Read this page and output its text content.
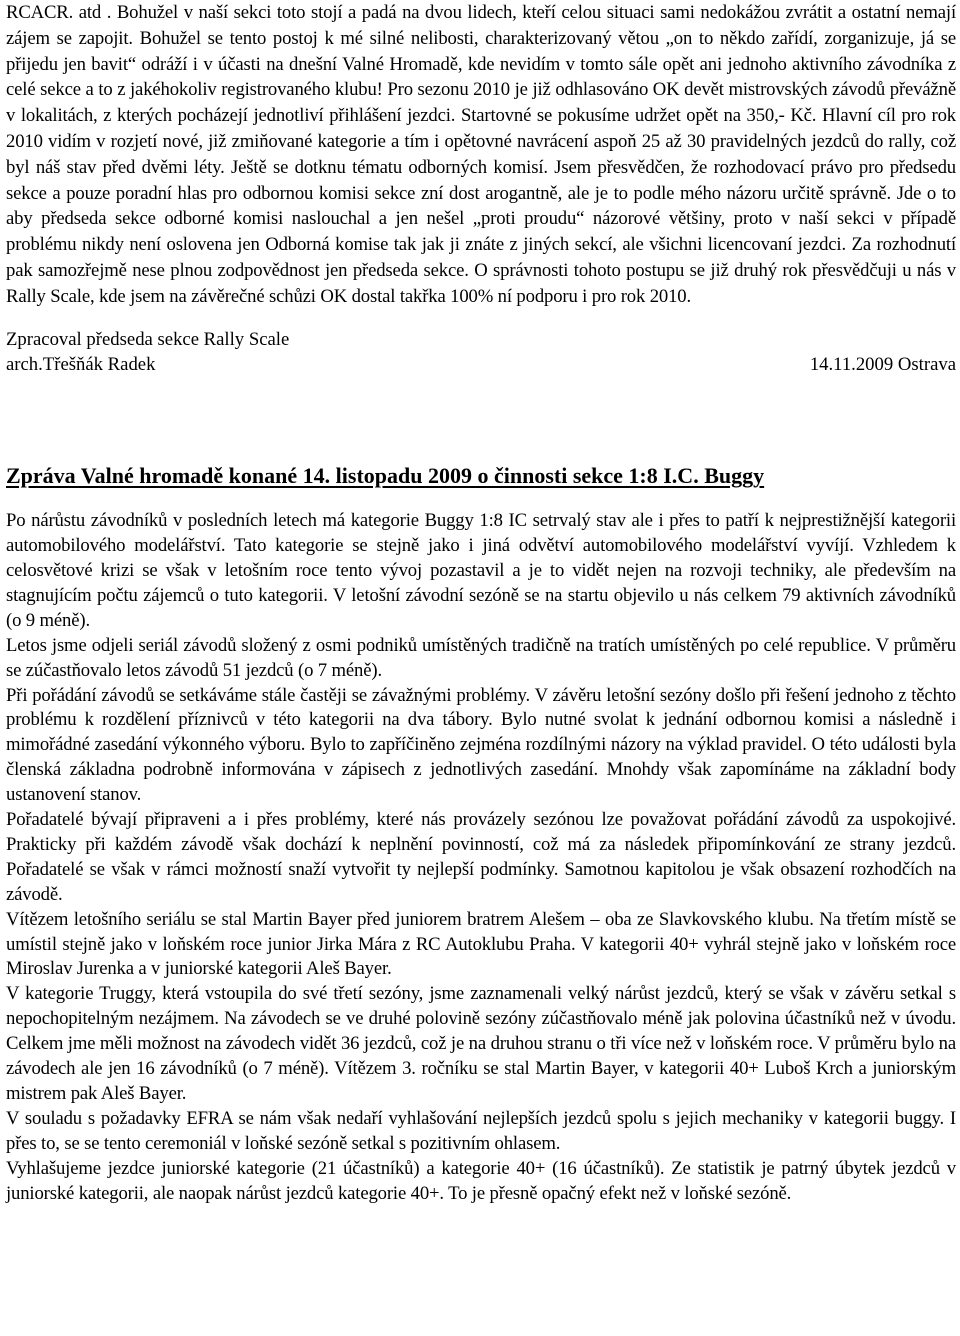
RCACR. atd . Bohužel v naší sekci toto stojí a padá na dvou lidech, kteří celou situaci sami nedokážou zvrátit a ostatní nemají zájem se zapojit. Bohužel se tento postoj k mé silné nelibosti, charakterizovaný větou „on to někdo zařídí, zorganizuje, já se přijedu jen bavit“ odráží i v účasti na dnešní Valné Hromadě, kde nevidím v tomto sále opět ani jednoho aktivního závodníka z celé sekce a to z jakéhokoliv registrovaného klubu! Pro sezonu 2010 je již odhlasováno OK devět mistrovských závodů převážně v lokalitách, z kterých pocházejí jednotliví přihlášení jezdci. Startovné se pokusíme udržet opět na 350,- Kč. Hlavní cíl pro rok 2010 vidím v rozjetí nové, již zmiňované kategorie a tím i opětovné navrácení aspoň 25 až 30 pravidelných jezdců do rally, což byl náš stav před dvěmi léty. Ještě se dotknu tématu odborných komisí. Jsem přesvědčen, že rozhodovací právo pro předsedu sekce a pouze poradní hlas pro odbornou komisi sekce zní dost arogantně, ale je to podle mého názoru určitě správně. Jde o to aby předseda sekce odborné komisi naslouchal a jen nešel „proti proudu“ názorové většiny, proto v naší sekci v případě problému nikdy není oslovena jen Odborná komise tak jak ji znáte z jiných sekcí, ale všichni licencovaní jezdci. Za rozhodnutí pak samozřejmě nese plnou zodpovědnost jen předseda sekce. O správnosti tohoto postupu se již druhý rok přesvědčuji u nás v Rally Scale, kde jsem na závěrečné schůzi OK dostal takřka 100% ní podporu i pro rok 2010.

Zpracoval předseda sekce Rally Scale
arch.Třešňák Radek	14.11.2009 Ostrava
Zpráva Valné hromadě konané 14. listopadu 2009 o činnosti sekce 1:8 I.C. Buggy

Po nárůstu závodníků v posledních letech má kategorie Buggy 1:8 IC setrvalý stav ale i přes to patří k nejprestižnější kategorii automobilového modelářství. Tato kategorie se stejně jako i jiná odvětví automobilového modelářství vyvíjí. Vzhledem k celosvětové krizi se však v letošním roce tento vývoj pozastavil a je to vidět nejen na rozvoji techniky, ale především na stagnujícím počtu zájemců o tuto kategorii. V letošní závodní sezóně se na startu objevilo u nás celkem 79 aktivních závodníků (o 9 méně).

Letos jsme odjeli seriál závodů složený z osmi podniků umístěných tradičně na tratích umístěných po celé republice. V průměru se zúčastňovalo letos závodů 51 jezdců (o 7 méně).

Při pořádání závodů se setkáváme stále častěji se závažnými problémy. V závěru letošní sezóny došlo při řešení jednoho z těchto problému k rozdělení příznivců v této kategorii na dva tábory. Bylo nutné svolat k jednání odbornou komisi a následně i mimořádné zasedání výkonného výboru. Bylo to zapříčiněno zejména rozdílnými názory na výklad pravidel. O této události byla členská základna podrobně informována v zápisech z jednotlivých zasedání. Mnohdy však zapomínáme na základní body ustanovení stanov.

Pořadatelé bývají připraveni a i přes problémy, které nás provázely sezónou lze považovat pořádání závodů za uspokojivé. Prakticky při každém závodě však dochází k neplnění povinností, což má za následek připomínkování ze strany jezdců. Pořadatelé se však v rámci možností snaží vytvořit ty nejlepší podmínky. Samotnou kapitolou je však obsazení rozhodčích na závodě.

Vítězem letošního seriálu se stal Martin Bayer před juniorem bratrem Alešem – oba ze Slavkovského klubu. Na třetím místě se umístil stejně jako v loňském roce junior Jirka Mára z RC Autoklubu Praha. V kategorii 40+ vyhrál stejně jako v loňském roce Miroslav Jurenka a v juniorské kategorii Aleš Bayer.

V kategorie Truggy, která vstoupila do své třetí sezóny, jsme zaznamenali velký nárůst jezdců, který se však v závěru setkal s nepochopitelným nezájmem. Na závodech se ve druhé polovině sezóny zúčastňovalo méně jak polovina účastníků než v úvodu. Celkem jme měli možnost na závodech vidět 36 jezdců, což je na druhou stranu o tři více než v loňském roce. V průměru bylo na závodech ale jen 16 závodníků (o 7 méně). Vítězem 3. ročníku se stal Martin Bayer, v kategorii 40+ Luboš Krch a juniorským mistrem pak Aleš Bayer.

V souladu s požadavky EFRA se nám však nedaří vyhlašování nejlepších jezdců spolu s jejich mechaniky v kategorii buggy. I přes to, se se tento ceremoniál v loňské sezóně setkal s pozitivním ohlasem.

Vyhlašujeme jezdce juniorské kategorie (21 účastníků) a kategorie 40+ (16 účastníků). Ze statistik je patrný úbytek jezdců v juniorské kategorii, ale naopak nárůst jezdců kategorie 40+. To je přesně opačný efekt než v loňské sezóně.
